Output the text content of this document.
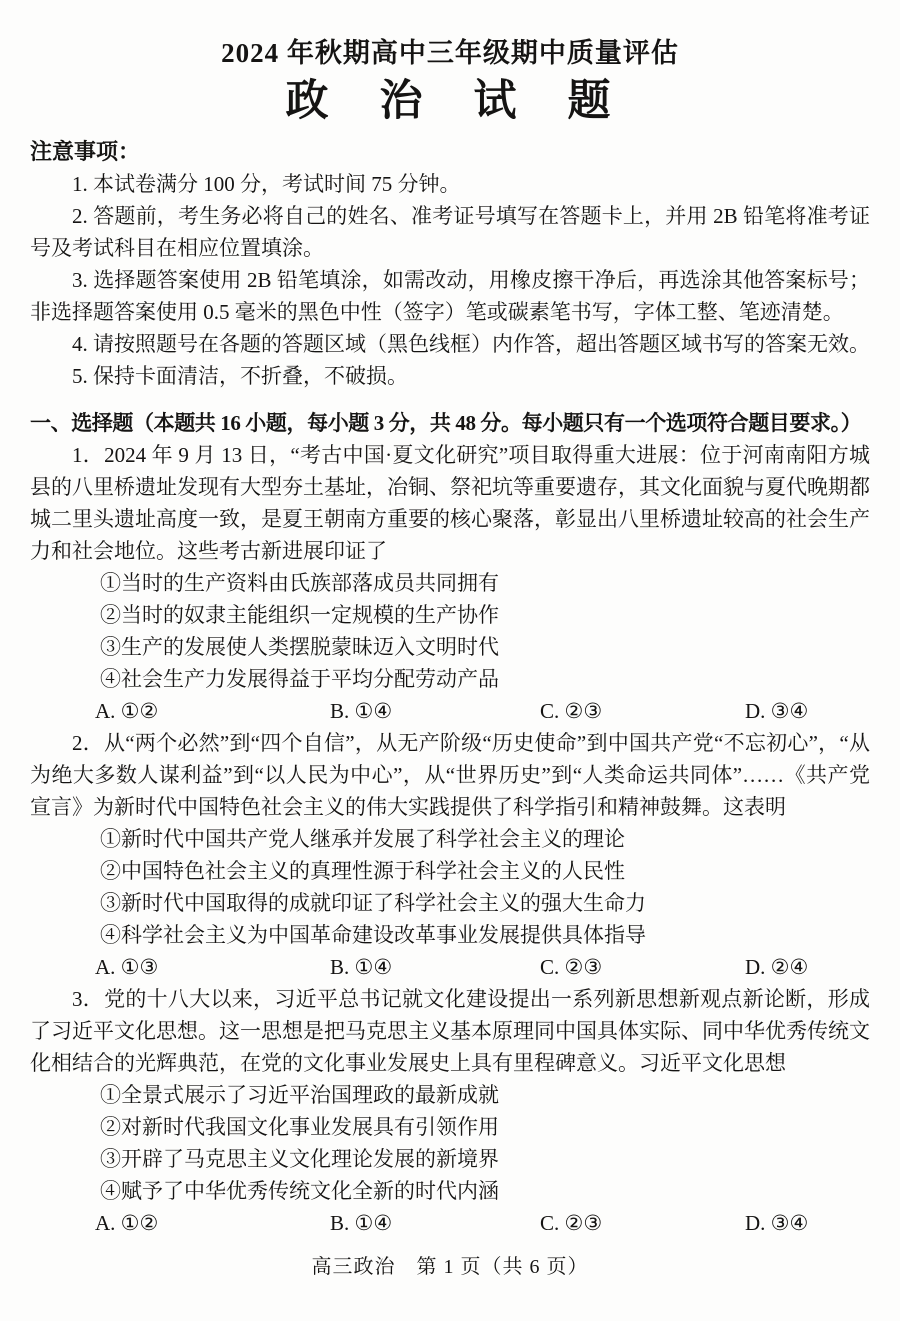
2024 年秋期高中三年级期中质量评估
政　治　试　题
注意事项：

1. 本试卷满分 100 分，考试时间 75 分钟。

2. 答题前，考生务必将自己的姓名、准考证号填写在答题卡上，并用 2B 铅笔将准考证号及考试科目在相应位置填涂。

3. 选择题答案使用 2B 铅笔填涂，如需改动，用橡皮擦干净后，再选涂其他答案标号；非选择题答案使用 0.5 毫米的黑色中性（签字）笔或碳素笔书写，字体工整、笔迹清楚。

4. 请按照题号在各题的答题区域（黑色线框）内作答，超出答题区域书写的答案无效。

5. 保持卡面清洁，不折叠，不破损。

一、选择题（本题共 16 小题，每小题 3 分，共 48 分。每小题只有一个选项符合题目要求。）

1．2024 年 9 月 13 日，“考古中国·夏文化研究”项目取得重大进展：位于河南南阳方城县的八里桥遗址发现有大型夯土基址，冶铜、祭祀坑等重要遗存，其文化面貌与夏代晚期都城二里头遗址高度一致，是夏王朝南方重要的核心聚落，彰显出八里桥遗址较高的社会生产力和社会地位。这些考古新进展印证了

①当时的生产资料由氏族部落成员共同拥有
②当时的奴隶主能组织一定规模的生产协作
③生产的发展使人类摆脱蒙昧迈入文明时代
④社会生产力发展得益于平均分配劳动产品
A. ①②	B. ①④	C. ②③	D. ③④

2．从“两个必然”到“四个自信”，从无产阶级“历史使命”到中国共产党“不忘初心”，“从为绝大多数人谋利益”到“以人民为中心”，从“世界历史”到“人类命运共同体”……《共产党宣言》为新时代中国特色社会主义的伟大实践提供了科学指引和精神鼓舞。这表明

①新时代中国共产党人继承并发展了科学社会主义的理论
②中国特色社会主义的真理性源于科学社会主义的人民性
③新时代中国取得的成就印证了科学社会主义的强大生命力
④科学社会主义为中国革命建设改革事业发展提供具体指导
A. ①③	B. ①④	C. ②③	D. ②④

3．党的十八大以来，习近平总书记就文化建设提出一系列新思想新观点新论断，形成了习近平文化思想。这一思想是把马克思主义基本原理同中国具体实际、同中华优秀传统文化相结合的光辉典范，在党的文化事业发展史上具有里程碑意义。习近平文化思想

①全景式展示了习近平治国理政的最新成就
②对新时代我国文化事业发展具有引领作用
③开辟了马克思主义文化理论发展的新境界
④赋予了中华优秀传统文化全新的时代内涵
A. ①②	B. ①④	C. ②③	D. ③④
高三政治　第 1 页（共 6 页）
